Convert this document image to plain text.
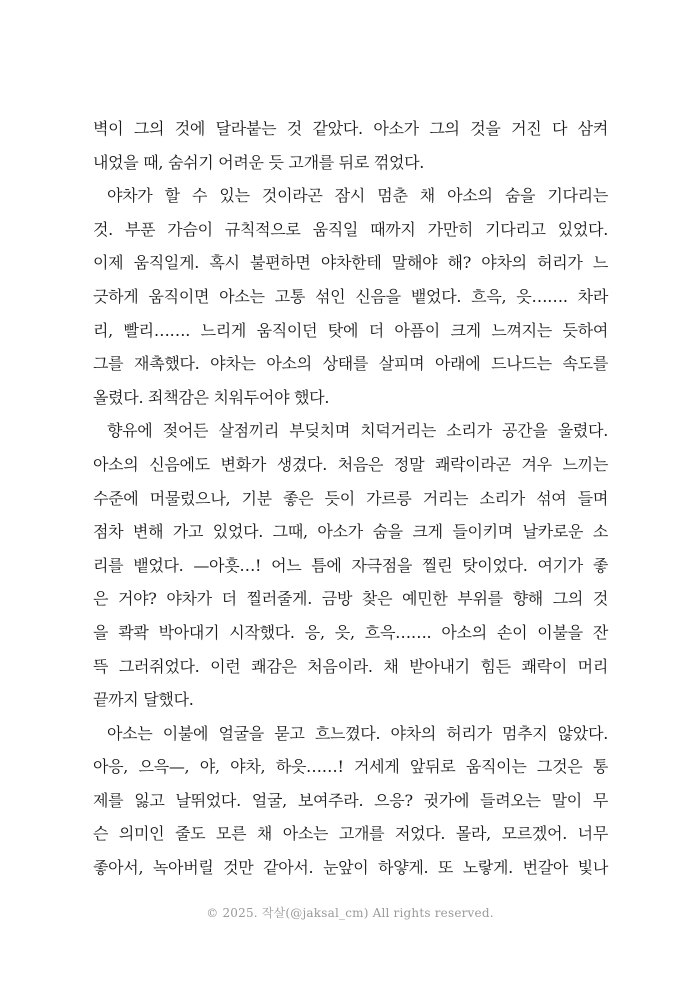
벽이 그의 것에 달라붙는 것 같았다. 아소가 그의 것을 거진 다 삼켜
내었을 때, 숨쉬기 어려운 듯 고개를 뒤로 꺾었다.
야차가 할 수 있는 것이라곤 잠시 멈춘 채 아소의 숨을 기다리는
것. 부푼 가슴이 규칙적으로 움직일 때까지 가만히 기다리고 있었다.
이제 움직일게. 혹시 불편하면 야차한테 말해야 해? 야차의 허리가 느
긋하게 움직이면 아소는 고통 섞인 신음을 뱉었다. 흐윽, 읏……. 차라
리, 빨리……. 느리게 움직이던 탓에 더 아픔이 크게 느껴지는 듯하여
그를 재촉했다. 야차는 아소의 상태를 살피며 아래에 드나드는 속도를
올렸다. 죄책감은 치워두어야 했다.
향유에 젖어든 살점끼리 부딪치며 치덕거리는 소리가 공간을 울렸다.
아소의 신음에도 변화가 생겼다. 처음은 정말 쾌락이라곤 겨우 느끼는
수준에 머물렀으나, 기분 좋은 듯이 가르릉 거리는 소리가 섞여 들며
점차 변해 가고 있었다. 그때, 아소가 숨을 크게 들이키며 날카로운 소
리를 뱉었다. —아흣…! 어느 틈에 자극점을 찔린 탓이었다. 여기가 좋
은 거야? 야차가 더 찔러줄게. 금방 찾은 예민한 부위를 향해 그의 것
을 콱콱 박아대기 시작했다. 응, 읏, 흐윽……. 아소의 손이 이불을 잔
뜩 그러쥐었다. 이런 쾌감은 처음이라. 채 받아내기 힘든 쾌락이 머리
끝까지 달했다.
아소는 이불에 얼굴을 묻고 흐느꼈다. 야차의 허리가 멈추지 않았다.
아응, 으윽—, 야, 야차, 하읏……! 거세게 앞뒤로 움직이는 그것은 통
제를 잃고 날뛰었다. 얼굴, 보여주라. 으응? 귓가에 들려오는 말이 무
슨 의미인 줄도 모른 채 아소는 고개를 저었다. 몰라, 모르겠어. 너무
좋아서, 녹아버릴 것만 같아서. 눈앞이 하얗게. 또 노랗게. 번갈아 빛나
© 2025. 작살(@jaksal_cm) All rights reserved.
